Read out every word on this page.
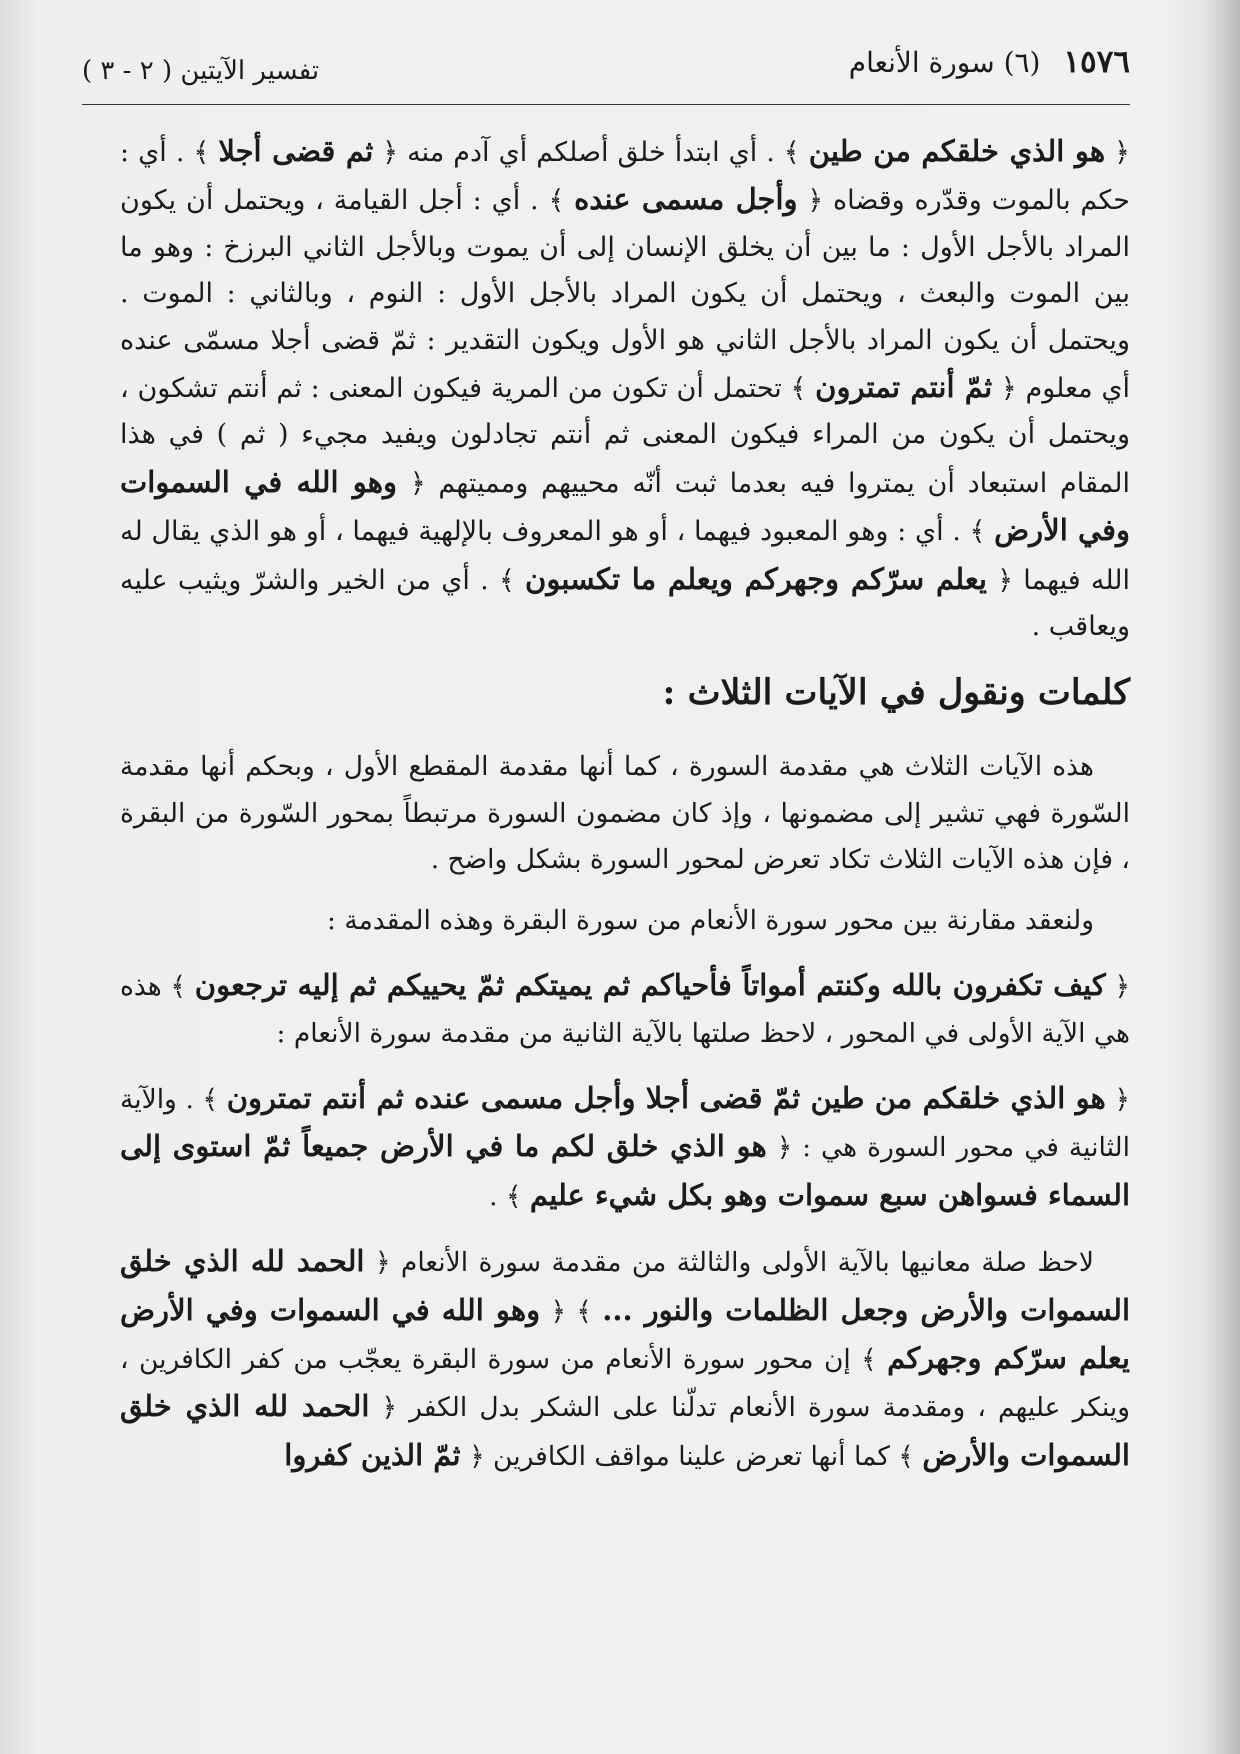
١٥٧٦ (٦) سورة الأنعام
تفسير الآيتين ( ٢ - ٣ )

﴿ هو الذي خلقكم من طين ﴾ . أي ابتدأ خلق أصلكم أي آدم منه ﴿ ثم قضى أجلا ﴾ . أي : حكم بالموت وقدّره وقضاه ﴿ وأجل مسمى عنده ﴾ . أي : أجل القيامة ، ويحتمل أن يكون المراد بالأجل الأول : ما بين أن يخلق الإنسان إلى أن يموت وبالأجل الثاني البرزخ : وهو ما بين الموت والبعث ، ويحتمل أن يكون المراد بالأجل الأول : النوم ، وبالثاني : الموت . ويحتمل أن يكون المراد بالأجل الثاني هو الأول ويكون التقدير : ثمّ قضى أجلا مسمّى عنده أي معلوم ﴿ ثمّ أنتم تمترون ﴾ تحتمل أن تكون من المرية فيكون المعنى : ثم أنتم تشكون ، ويحتمل أن يكون من المراء فيكون المعنى ثم أنتم تجادلون ويفيد مجيء ( ثم ) في هذا المقام استبعاد أن يمتروا فيه بعدما ثبت أنّه محييهم ومميتهم ﴿ وهو الله في السموات وفي الأرض ﴾ . أي : وهو المعبود فيهما ، أو هو المعروف بالإلهية فيهما ، أو هو الذي يقال له الله فيهما ﴿ يعلم سرّكم وجهركم ويعلم ما تكسبون ﴾ . أي من الخير والشرّ ويثيب عليه ويعاقب .

كلمات ونقول في الآيات الثلاث :

هذه الآيات الثلاث هي مقدمة السورة ، كما أنها مقدمة المقطع الأول ، وبحكم أنها مقدمة السّورة فهي تشير إلى مضمونها ، وإذ كان مضمون السورة مرتبطاً بمحور السّورة من البقرة ، فإن هذه الآيات الثلاث تكاد تعرض لمحور السورة بشكل واضح .

ولنعقد مقارنة بين محور سورة الأنعام من سورة البقرة وهذه المقدمة :

﴿ كيف تكفرون بالله وكنتم أمواتاً فأحياكم ثم يميتكم ثمّ يحييكم ثم إليه ترجعون ﴾ هذه هي الآية الأولى في المحور ، لاحظ صلتها بالآية الثانية من مقدمة سورة الأنعام :

﴿ هو الذي خلقكم من طين ثمّ قضى أجلا وأجل مسمى عنده ثم أنتم تمترون ﴾ . والآية الثانية في محور السورة هي : ﴿ هو الذي خلق لكم ما في الأرض جميعاً ثمّ استوى إلى السماء فسواهن سبع سموات وهو بكل شيء عليم ﴾ .

لاحظ صلة معانيها بالآية الأولى والثالثة من مقدمة سورة الأنعام ﴿ الحمد لله الذي خلق السموات والأرض وجعل الظلمات والنور ... ﴾ ﴿ وهو الله في السموات وفي الأرض يعلم سرّكم وجهركم ﴾ إن محور سورة الأنعام من سورة البقرة يعجّب من كفر الكافرين ، وينكر عليهم ، ومقدمة سورة الأنعام تدلّنا على الشكر بدل الكفر ﴿ الحمد لله الذي خلق السموات والأرض ﴾ كما أنها تعرض علينا مواقف الكافرين ﴿ ثمّ الذين كفروا
